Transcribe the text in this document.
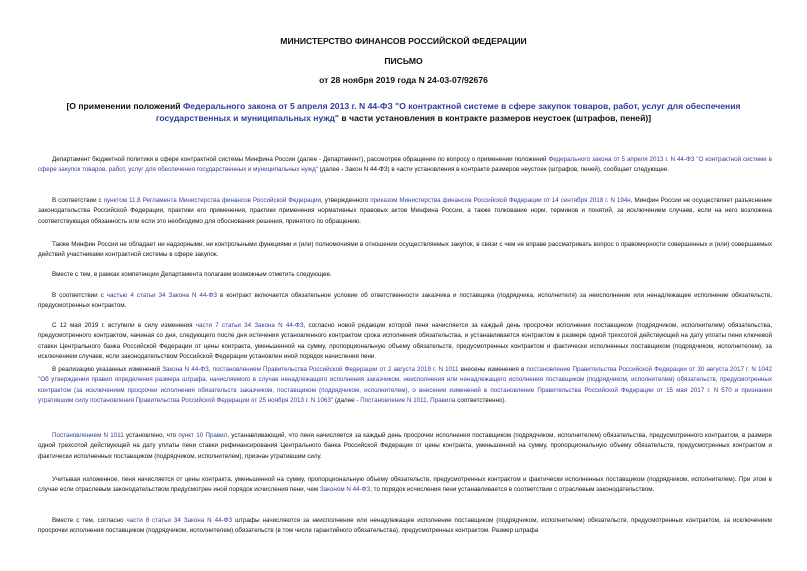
МИНИСТЕРСТВО ФИНАНСОВ РОССИЙСКОЙ ФЕДЕРАЦИИ
ПИСЬМО
от 28 ноября 2019 года N 24-03-07/92676
[О применении положений Федерального закона от 5 апреля 2013 г. N 44-ФЗ "О контрактной системе в сфере закупок товаров, работ, услуг для обеспечения государственных и муниципальных нужд" в части установления в контракте размеров неустоек (штрафов, пеней)]

Департамент бюджетной политики в сфере контрактной системы Минфина России (далее - Департамент), рассмотрев обращение по вопросу о применении положений Федерального закона от 5 апреля 2013 г. N 44-ФЗ "О контрактной системе в сфере закупок товаров, работ, услуг для обеспечения государственных и муниципальных нужд" (далее - Закон N 44-ФЗ) в части установления в контракте размеров неустоек (штрафов, пеней), сообщает следующее.

В соответствии с пунктом 11.8 Регламента Министерства финансов Российской Федерации, утвержденного приказом Министерства финансов Российской Федерации от 14 сентября 2018 г. N 194н, Минфин России не осуществляет разъяснение законодательства Российской Федерации, практики его применения, практики применения нормативных правовых актов Минфина России, а также толкование норм, терминов и понятий, за исключением случаев, если на него возложена соответствующая обязанность или если это необходимо для обоснования решения, принятого по обращению.

Также Минфин России не обладает ни надзорными, ни контрольными функциями и (или) полномочиями в отношении осуществляемых закупок, в связи с чем не вправе рассматривать вопрос о правомерности совершенных и (или) совершаемых действий участниками контрактной системы в сфере закупок.

Вместе с тем, в рамках компетенции Департамента полагаем возможным отметить следующее.

В соответствии с частью 4 статьи 34 Закона N 44-ФЗ в контракт включается обязательное условие об ответственности заказчика и поставщика (подрядчика, исполнителя) за неисполнение или ненадлежащее исполнение обязательств, предусмотренных контрактом.

С 12 мая 2019 г. вступили в силу изменения части 7 статьи 34 Закона N 44-ФЗ, согласно новой редакции которой пеня начисляется за каждый день просрочки исполнения поставщиком (подрядчиком, исполнителем) обязательства, предусмотренного контрактом, начиная со дня, следующего после дня истечения установленного контрактом срока исполнения обязательства, и устанавливается контрактом в размере одной трехсотой действующей на дату уплаты пени ключевой ставки Центрального банка Российской Федерации от цены контракта, уменьшенной на сумму, пропорциональную объему обязательств, предусмотренных контрактом и фактически исполненных поставщиком (подрядчиком, исполнителем), за исключением случаев, если законодательством Российской Федерации установлен иной порядок начисления пени.

В реализацию указанных изменений Закона N 44-ФЗ, постановлением Правительства Российской Федерации от 2 августа 2019 г. N 1011 внесены изменения в постановление Правительства Российской Федерации от 30 августа 2017 г. N 1042 "Об утверждении правил определения размера штрафа, начисляемого в случае ненадлежащего исполнения заказчиком, неисполнения или ненадлежащего исполнения поставщиком (подрядчиком, исполнителем) обязательств, предусмотренных контрактом (за исключением просрочки исполнения обязательств заказчиком, поставщиком (подрядчиком, исполнителем), о внесении изменений в постановление Правительства Российской Федерации от 15 мая 2017 г. N 570 и признании утратившим силу постановления Правительства Российской Федерации от 25 ноября 2013 г. N 1063" (далее - Постановление N 1011, Правила соответственно).

Постановлением N 1011 установлено, что пункт 10 Правил, устанавливающий, что пеня начисляется за каждый день просрочки исполнения поставщиком (подрядчиком, исполнителем) обязательства, предусмотренного контрактом, в размере одной трехсотой действующей на дату уплаты пени ставки рефинансирования Центрального банка Российской Федерации от цены контракта, уменьшенной на сумму, пропорциональную объему обязательств, предусмотренных контрактом и фактически исполненных поставщиком (подрядчиком, исполнителем), признан утратившим силу.

Учитывая изложенное, пеня начисляется от цены контракта, уменьшенной на сумму, пропорциональную объему обязательств, предусмотренных контрактом и фактически исполненных поставщиком (подрядчиком, исполнителем). При этом в случае если отраслевым законодательством предусмотрен иной порядок исчисления пени, чем Законом N 44-ФЗ, то порядок исчисления пени устанавливается в соответствии с отраслевым законодательством.

Вместе с тем, согласно части 8 статьи 34 Закона N 44-ФЗ штрафы начисляются за неисполнение или ненадлежащее исполнение поставщиком (подрядчиком, исполнителем) обязательств, предусмотренных контрактом, за исключением просрочки исполнения поставщиком (подрядчиком, исполнителем) обязательств (в том числе гарантийного обязательства), предусмотренных контрактом. Размер штрафа
